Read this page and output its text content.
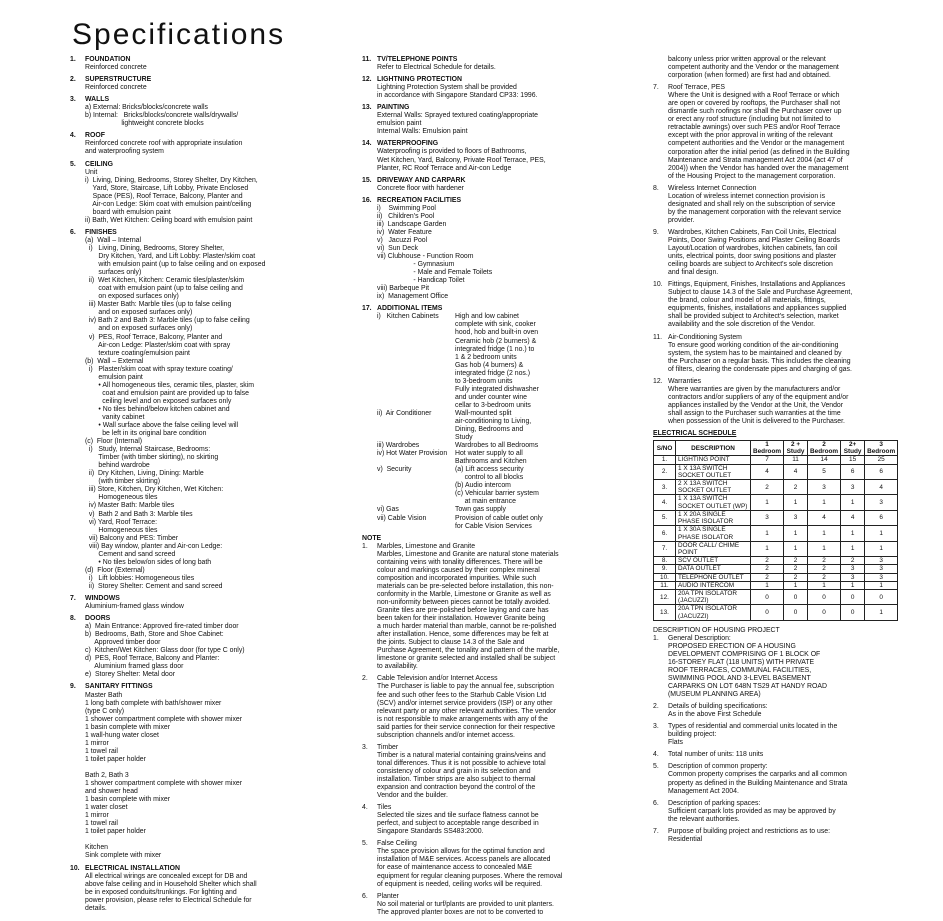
Specifications
1. FOUNDATION
Reinforced concrete
2. SUPERSTRUCTURE
Reinforced concrete
3. WALLS
a) External: Bricks/blocks/concrete walls
b) Internal:   Bricks/blocks/concrete walls/drywalls/
lightweight concrete blocks
4. ROOF
Reinforced concrete roof with appropriate insulation
and waterproofing system
5. CEILING
Unit
i)  Living, Dining, Bedrooms, Storey Shelter, Dry Kitchen,
Yard, Store, Staircase, Lift Lobby, Private Enclosed
Space (PES), Roof Terrace, Balcony, Planter and
Air-con Ledge: Skim coat with emulsion paint/ceiling
board with emulsion paint
ii) Bath, Wet Kitchen: Ceiling board with emulsion paint
6. FINISHES
(a)  Wall – Internal
i)   Living, Dining, Bedrooms, Storey Shelter,
Dry Kitchen, Yard, and Lift Lobby: Plaster/skim coat
with emulsion paint (up to false ceiling and on exposed
surfaces only)
ii)  Wet Kitchen, Kitchen: Ceramic tiles/plaster/skim
coat with emulsion paint (up to false ceiling and
on exposed surfaces only)
iii) Master Bath: Marble tiles (up to false ceiling
and on exposed surfaces only)
iv) Bath 2 and Bath 3: Marble tiles (up to false ceiling
and on exposed surfaces only)
v)  PES, Roof Terrace, Balcony, Planter and
Air-con Ledge: Plaster/skim coat with spray
texture coating/emulsion paint
(b)  Wall – External
i)   Plaster/skim coat with spray texture coating/
emulsion paint
• All homogeneous tiles, ceramic tiles, plaster, skim
coat and emulsion paint are provided up to false
ceiling level and on exposed surfaces only
• No tiles behind/below kitchen cabinet and
vanity cabinet
• Wall surface above the false ceiling level will
be left in its original bare condition
(c)  Floor (Internal)
i)   Study, Internal Staircase, Bedrooms:
Timber (with timber skirting), no skirting
behind wardrobe
ii)  Dry Kitchen, Living, Dining: Marble
(with timber skirting)
iii) Store, Kitchen, Dry Kitchen, Wet Kitchen:
Homogeneous tiles
iv) Master Bath: Marble tiles
v)  Bath 2 and Bath 3: Marble tiles
vi) Yard, Roof Terrace:
Homogeneous tiles
vii) Balcony and PES: Timber
viii) Bay window, planter and Air-con Ledge:
Cement and sand screed
• No tiles below/on sides of long bath
(d)  Floor (External)
i)   Lift lobbies: Homogeneous tiles
ii)  Storey Shelter: Cement and sand screed
7. WINDOWS
Aluminium-framed glass window
8. DOORS
a)  Main Entrance: Approved fire-rated timber door
b)  Bedrooms, Bath, Store and Shoe Cabinet:
Approved timber door
c)  Kitchen/Wet Kitchen: Glass door (for type C only)
d)  PES, Roof Terrace, Balcony and Planter:
Aluminium framed glass door
e)  Storey Shelter: Metal door
9. SANITARY FITTINGS
Master Bath
1 long bath complete with bath/shower mixer
(type C only)
1 shower compartment complete with shower mixer
1 basin complete with mixer
1 wall-hung water closet
1 mirror
1 towel rail
1 toilet paper holder

Bath 2, Bath 3
1 shower compartment complete with shower mixer
and shower head
1 basin complete with mixer
1 water closet
1 mirror
1 towel rail
1 toilet paper holder

Kitchen
Sink complete with mixer
10. ELECTRICAL INSTALLATION
All electrical wirings are concealed except for DB and
above false ceiling and in Household Shelter which shall
be in exposed conduits/trunkings. For lighting and
power provision, please refer to Electrical Schedule for
details.
11. TV/TELEPHONE POINTS
Refer to Electrical Schedule for details.
12. LIGHTNING PROTECTION
Lightning Protection System shall be provided
in accordance with Singapore Standard CP33: 1996.
13. PAINTING
External Walls: Sprayed textured coating/appropriate
emulsion paint
Internal Walls: Emulsion paint
14. WATERPROOFING
Waterproofing is provided to floors of Bathrooms,
Wet Kitchen, Yard, Balcony, Private Roof Terrace, PES,
Planter, RC Roof Terrace and Air-con Ledge
15. DRIVEWAY AND CARPARK
Concrete floor with hardener
16. RECREATION FACILITIES
i)    Swimming Pool
ii)   Children's Pool
iii)  Landscape Garden
iv)  Water Feature
v)   Jacuzzi Pool
vi)  Sun Deck
vii) Clubhouse - Function Room
- Gymnasium
- Male and Female Toilets
- Handicap Toilet
viii) Barbeque Pit
ix)  Management Office
17. ADDITIONAL ITEMS
i)   Kitchen Cabinets	High and low cabinet
complete with sink, cooker
hood, hob and built-in oven
Ceramic hob (2 burners) &
integrated fridge (1 no.) to
1 & 2 bedroom units
Gas hob (4 burners) &
integrated fridge (2 nos.)
to 3-bedroom units
Fully integrated dishwasher
and under counter wine
cellar to 3-bedroom units
ii)  Air Conditioner	Wall-mounted split
air-conditioning to Living,
Dining, Bedrooms and
Study
iii) Wardrobes	Wardrobes to all Bedrooms
iv) Hot Water Provision	Hot water supply to all
Bathrooms and Kitchen
v)  Security	(a) Lift access security
control to all blocks
(b) Audio intercom
(c) Vehicular barrier system
at main entrance
vi) Gas	Town gas supply
vii) Cable Vision	Provision of cable outlet only
for Cable Vision Services
NOTE
1. Marbles, Limestone and Granite
Marbles, Limestone and Granite are natural stone materials
containing veins with tonality differences. There will be
colour and markings caused by their complex mineral
composition and incorporated impurities. While such
materials can be pre-selected before installation, this non-
conformity in the Marble, Limestone or Granite as well as
non-uniformity between pieces cannot be totally avoided.
Granite tiles are pre-polished before laying and care has
been taken for their installation. However Granite being
a much harder material than marble, cannot be re-polished
after installation. Hence, some differences may be felt at
the joints. Subject to clause 14.3 of the Sale and
Purchase Agreement, the tonality and pattern of the marble,
limestone or granite selected and installed shall be subject
to availability.
2. Cable Television and/or Internet Access
The Purchaser is liable to pay the annual fee, subscription
fee and such other fees to the Starhub Cable Vision Ltd
(SCV) and/or internet service providers (ISP) or any other
relevant party or any other relevant authorities. The vendor
is not responsible to make arrangements with any of the
said parties for their service connection for their respective
subscription channels and/or internet access.
3. Timber
Timber is a natural material containing grains/veins and
tonal differences. Thus it is not possible to achieve total
consistency of colour and grain in its selection and
installation. Timber strips are also subject to thermal
expansion and contraction beyond the control of the
Vendor and the builder.
4. Tiles
Selected tile sizes and tile surface flatness cannot be
perfect, and subject to acceptable range described in
Singapore Standards SS483:2000.
5. False Ceiling
The space provision allows for the optimal function and
installation of M&E services. Access panels are allocated
for ease of maintenance access to concealed M&E
equipment for regular cleaning purposes. Where the removal
of equipment is needed, ceiling works will be required.
6. Planter
No soil material or turf/plants are provided to unit planters.
The approved planter boxes are not to be converted to
balcony unless prior written approval or the relevant
competent authority and the Vendor or the management
corporation (when formed) are first had and obtained.
7. Roof Terrace, PES
Where the Unit is designed with a Roof Terrace or which
are open or covered by rooftops, the Purchaser shall not
dismantle such roofings nor shall the Purchaser cover up
or erect any roof structure (including but not limited to
retractable awnings) over such PES and/or Roof Terrace
except with the prior approval in writing of the relevant
competent authorities and the Vendor or the management
corporation after the initial period (as defined in the Building
Maintenance and Strata management Act 2004 (act 47 of
2004)) when the Vendor has handed over the management
of the Housing Project to the management corporation.
8. Wireless Internet Connection
Location of wireless internet connection provision is
designated and shall rely on the subscription of service
by the management corporation with the relevant service
provider.
9. Wardrobes, Kitchen Cabinets, Fan Coil Units, Electrical
Points, Door Swing Positions and Plaster Ceiling Boards
Layout/Location of wardrobes, kitchen cabinets, fan coil
units, electrical points, door swing positions and plaster
ceiling boards are subject to Architect's sole discretion
and final design.
10. Fittings, Equipment, Finishes, Installations and Appliances
Subject to clause 14.3 of the Sale and Purchase Agreement,
the brand, colour and model of all materials, fittings,
equipments, finishes, installations and appliances supplied
shall be provided subject to Architect's selection, market
availability and the sole discretion of the Vendor.
11. Air-Conditioning System
To ensure good working condition of the air-conditioning
system, the system has to be maintained and cleaned by
the Purchaser on a regular basis. This includes the cleaning
of filters, clearing the condensate pipes and charging of gas.
12. Warranties
Where warranties are given by the manufacturers and/or
contractors and/or suppliers of any of the equipment and/or
appliances installed by the Vendor at the Unit, the Vendor
shall assign to the Purchaser such warranties at the time
when possession of the Unit is delivered to the Purchaser.
ELECTRICAL SCHEDULE
S/NO	DESCRIPTION	1 Bedroom	2 + Study	2 Bedroom	2+ Study	3 Bedroom
1.	LIGHTING POINT	7	11	14	15	25
2.	1 X 13A SWITCH SOCKET OUTLET	4	4	5	6	6
3.	2 X 13A SWITCH SOCKET OUTLET	2	2	3	3	4
4.	1 X 13A SWITCH SOCKET OUTLET (WP)	1	1	1	1	3
5.	1 X 20A SINGLE PHASE ISOLATOR	3	3	4	4	6
6.	1 X 30A SINGLE PHASE ISOLATOR	1	1	1	1	1
7.	DOOR CALL/ CHIME POINT	1	1	1	1	1
8.	SCV OUTLET	2	2	2	2	3
9.	DATA OUTLET	2	2	2	3	3
10.	TELEPHONE OUTLET	2	2	2	3	3
11.	AUDIO INTERCOM	1	1	1	1	1
12.	20A TPN ISOLATOR (JACUZZI)	0	0	0	0	0
13.	20A TPN ISOLATOR (JACUZZI)	0	0	0	0	1
DESCRIPTION OF HOUSING PROJECT
1. General Description:
PROPOSED ERECTION OF A HOUSING
DEVELOPMENT COMPRISING OF 1 BLOCK OF
16-STOREY FLAT (118 UNITS) WITH PRIVATE
ROOF TERRACES, COMMUNAL FACILITIES,
SWIMMING POOL AND 3-LEVEL BASEMENT
CARPARKS ON LOT 648N TS29 AT HANDY ROAD
(MUSEUM PLANNING AREA)
2. Details of building specifications:
As in the above First Schedule
3. Types of residential and commercial units located in the
building project:
Flats
4. Total number of units: 118 units
5. Description of common property:
Common property comprises the carparks and all common
property as defined in the Building Maintenance and Strata
Management Act 2004.
6. Description of parking spaces:
Sufficient carpark lots provided as may be approved by
the relevant authorities.
7. Purpose of building project and restrictions as to use:
Residential
